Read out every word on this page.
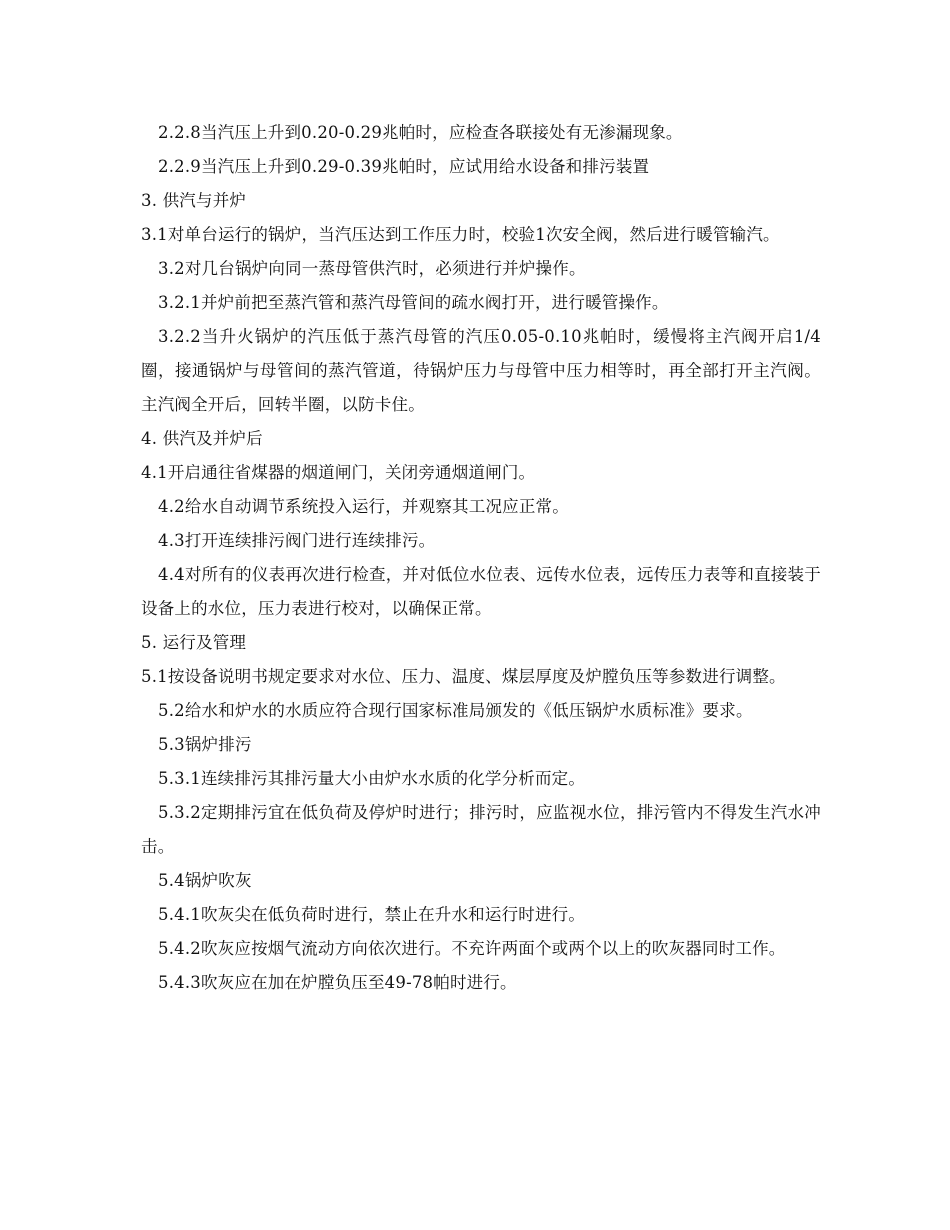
2.2.8当汽压上升到0.20-0.29兆帕时，应检查各联接处有无渗漏现象。

2.2.9当汽压上升到0.29-0.39兆帕时，应试用给水设备和排污装置

3. 供汽与并炉

3.1对单台运行的锅炉，当汽压达到工作压力时，校验1次安全阀，然后进行暖管输汽。

3.2对几台锅炉向同一蒸母管供汽时，必须进行并炉操作。

3.2.1并炉前把至蒸汽管和蒸汽母管间的疏水阀打开，进行暖管操作。

3.2.2当升火锅炉的汽压低于蒸汽母管的汽压0.05-0.10兆帕时，缓慢将主汽阀开启1/4圈，接通锅炉与母管间的蒸汽管道，待锅炉压力与母管中压力相等时，再全部打开主汽阀。主汽阀全开后，回转半圈，以防卡住。

4. 供汽及并炉后

4.1开启通往省煤器的烟道闸门，关闭旁通烟道闸门。

4.2给水自动调节系统投入运行，并观察其工况应正常。

4.3打开连续排污阀门进行连续排污。

4.4对所有的仪表再次进行检查，并对低位水位表、远传水位表，远传压力表等和直接装于设备上的水位，压力表进行校对，以确保正常。

5. 运行及管理

5.1按设备说明书规定要求对水位、压力、温度、煤层厚度及炉膛负压等参数进行调整。

5.2给水和炉水的水质应符合现行国家标准局颁发的《低压锅炉水质标准》要求。

5.3锅炉排污

5.3.1连续排污其排污量大小由炉水水质的化学分析而定。

5.3.2定期排污宜在低负荷及停炉时进行；排污时，应监视水位，排污管内不得发生汽水冲击。

5.4锅炉吹灰

5.4.1吹灰尖在低负荷时进行，禁止在升水和运行时进行。

5.4.2吹灰应按烟气流动方向依次进行。不充许两面个或两个以上的吹灰器同时工作。

5.4.3吹灰应在加在炉膛负压至49-78帕时进行。
